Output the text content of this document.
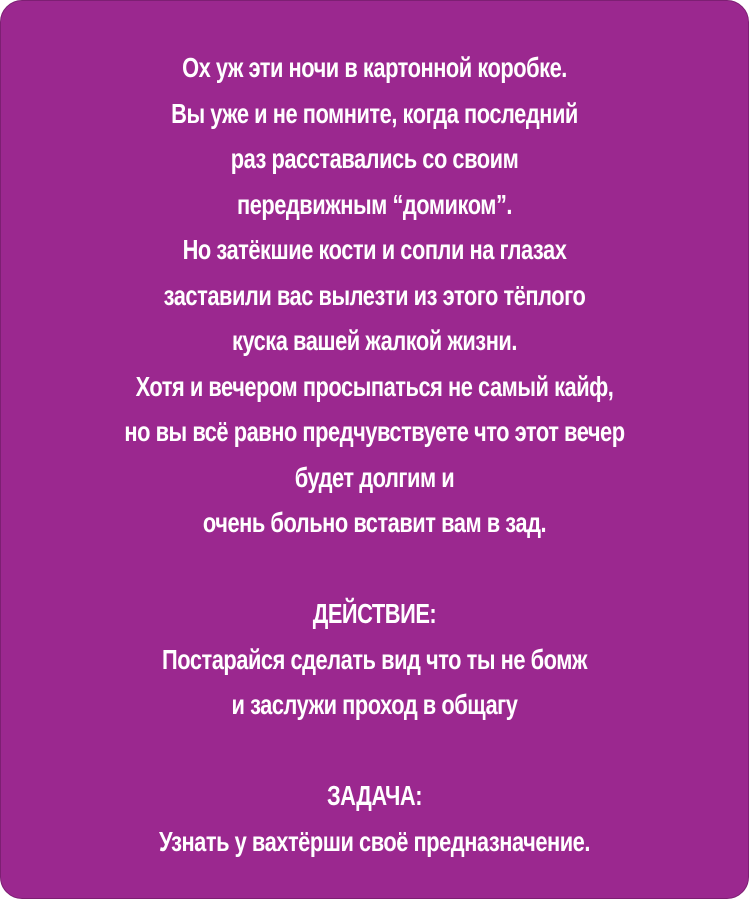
Ох уж эти ночи в картонной коробке.
Вы уже и не помните, когда последний
раз расставались со своим
передвижным “домиком”.
Но затёкшие кости и сопли на глазах
заставили вас вылезти из этого тёплого
куска вашей жалкой жизни.
Хотя и вечером просыпаться не самый кайф,
но вы всё равно предчувствуете что этот вечер
будет долгим и
очень больно вставит вам в зад.
ДЕЙСТВИЕ:
Постарайся сделать вид что ты не бомж
и заслужи проход в общагу
ЗАДАЧА:
Узнать у вахтёрши своё предназначение.
